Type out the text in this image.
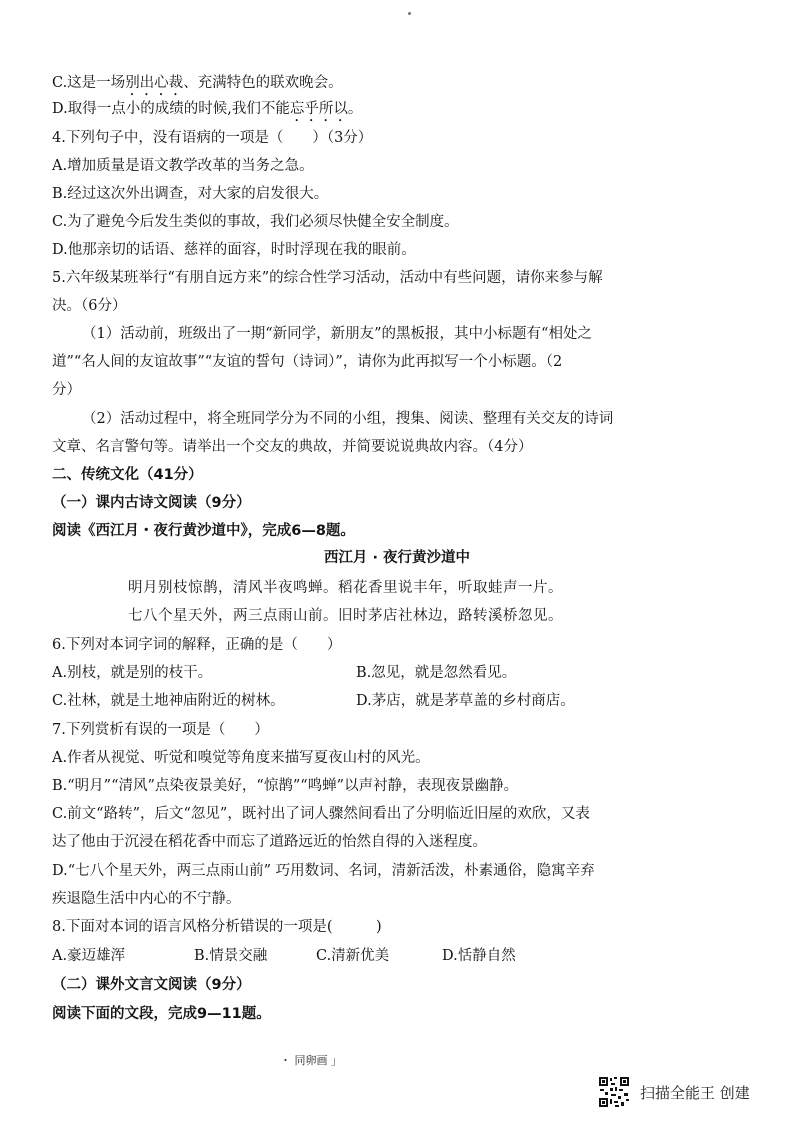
C.这是一场别出心裁、充满特色的联欢晚会。
D.取得一点小的成绩的时候,我们不能忘乎所以。
4.下列句子中，没有语病的一项是（　　）（3分）
A.增加质量是语文教学改革的当务之急。
B.经过这次外出调查，对大家的启发很大。
C.为了避免今后发生类似的事故，我们必须尽快健全安全制度。
D.他那亲切的话语、慈祥的面容，时时浮现在我的眼前。
5.六年级某班举行“有朋自远方来”的综合性学习活动，活动中有些问题，请你来参与解
决。（6分）
（1）活动前，班级出了一期“新同学，新朋友”的黑板报，其中小标题有“相处之
道”“名人间的友谊故事”“友谊的誓句（诗词）”，请你为此再拟写一个小标题。（2
分）
（2）活动过程中，将全班同学分为不同的小组，搜集、阅读、整理有关交友的诗词
文章、名言警句等。请举出一个交友的典故，并简要说说典故内容。（4分）
二、传统文化（41分）
（一）课内古诗文阅读（9分）
阅读《西江月・夜行黄沙道中》，完成6—8题。
西江月 · 夜行黄沙道中
明月别枝惊鹊，清风半夜鸣蝉。稻花香里说丰年，听取蛙声一片。
七八个星天外，两三点雨山前。旧时茅店社林边，路转溪桥忽见。
6.下列对本词字词的解释，正确的是（　　）
A.别枝，就是别的枝干。	B.忽见，就是忽然看见。
C.社林，就是土地神庙附近的树林。	D.茅店，就是茅草盖的乡村商店。
7.下列赏析有误的一项是（　　）
A.作者从视觉、听觉和嗅觉等角度来描写夏夜山村的风光。
B.“明月”“清风”点染夜景美好，“惊鹊”“鸣蝉”以声衬静，表现夜景幽静。
C.前文“路转”，后文“忽见”，既衬出了词人骤然间看出了分明临近旧屋的欢欣，又表
达了他由于沉浸在稻花香中而忘了道路远近的怡然自得的入迷程度。
D.“七八个星天外，两三点雨山前” 巧用数词、名词，清新活泼，朴素通俗，隐寓辛弃
疾退隐生活中内心的不宁静。
8.下面对本词的语言风格分析错误的一项是(　　　)
A.豪迈雄浑	B.情景交融	C.清新优美	D.恬静自然
（二）课外文言文阅读（9分）
阅读下面的文段，完成9—11题。
・ 同卵画 」
扫描全能王 创建
